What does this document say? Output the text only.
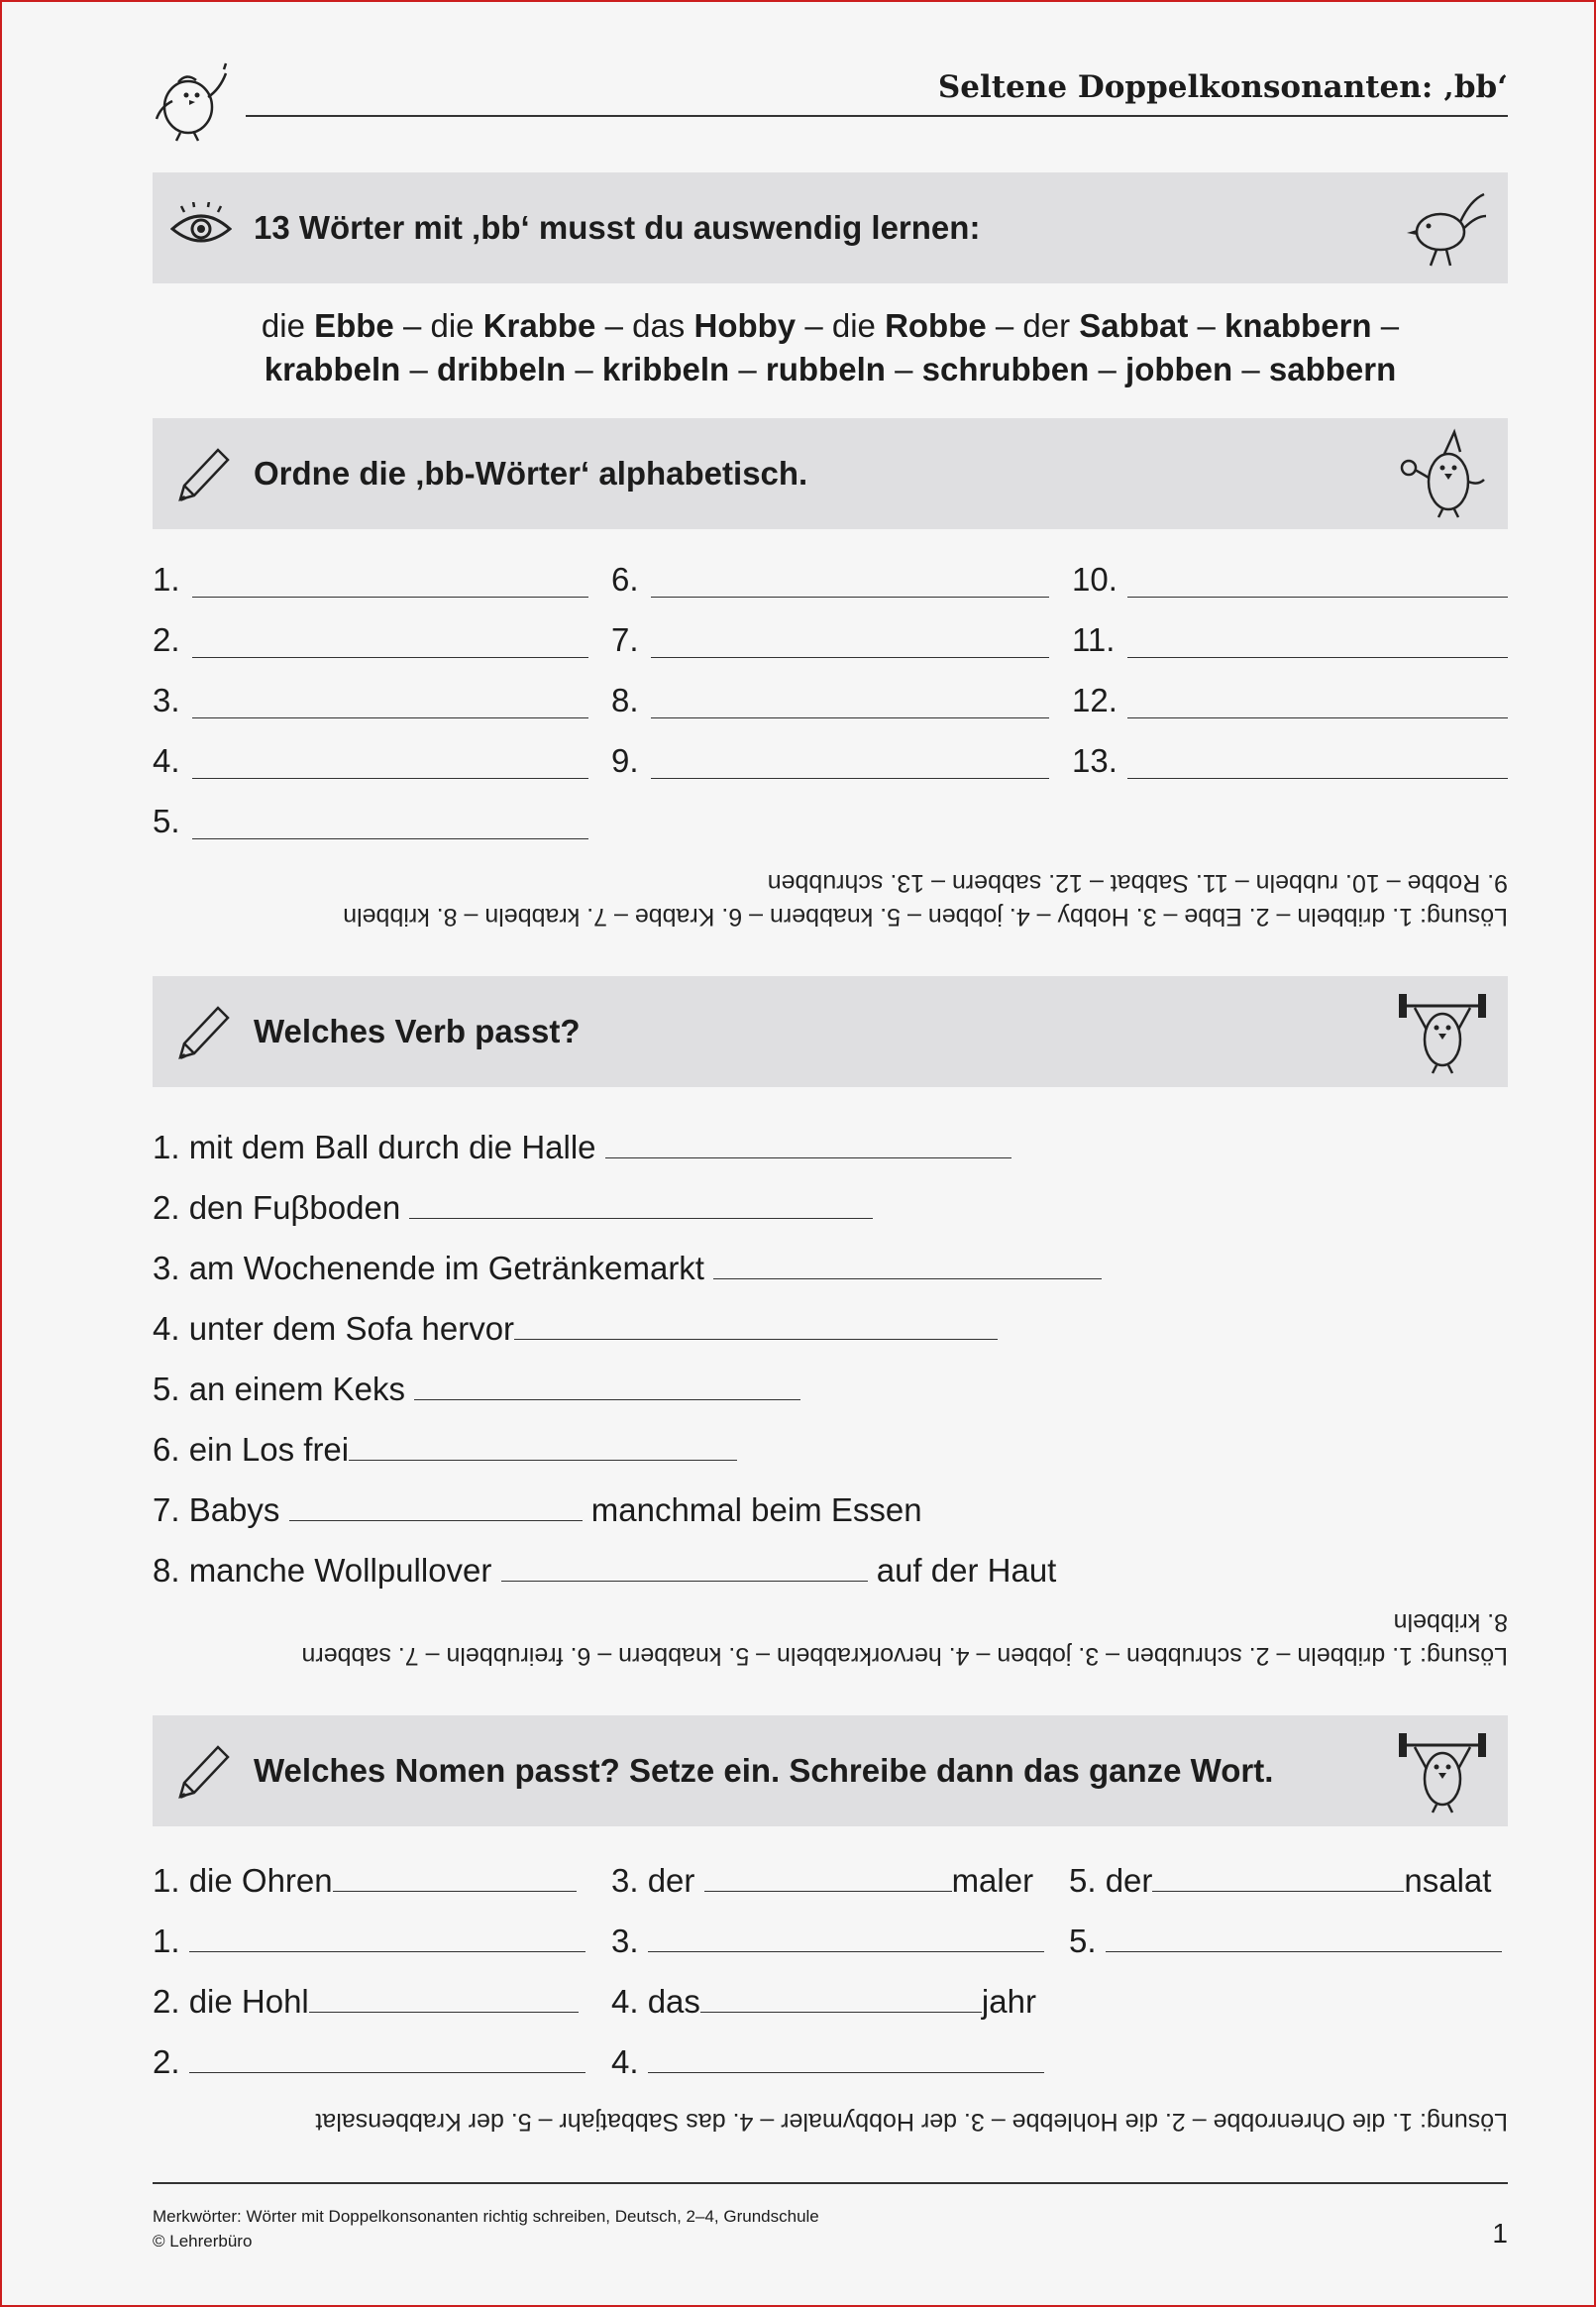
Seltene Doppelkonsonanten: ‚bb‘
13 Wörter mit ‚bb‘ musst du auswendig lernen:
die Ebbe – die Krabbe – das Hobby – die Robbe – der Sabbat – knabbern –
krabbeln – dribbeln – kribbeln – rubbeln – schrubben – jobben – sabbern
Ordne die ‚bb-Wörter‘ alphabetisch.
1.
2.
3.
4.
5.
6.
7.
8.
9.
10.
11.
12.
13.
Lösung: 1. dribbeln – 2. Ebbe – 3. Hobby – 4. jobben – 5. knabbern – 6. Krabbe – 7. krabbeln – 8. kribbeln
9. Robbe – 10. rubbeln – 11. Sabbat – 12. sabbern – 13. schrubben
Welches Verb passt?
1. mit dem Ball durch die Halle
2. den Fuβboden
3. am Wochenende im Getränkemarkt
4. unter dem Sofa hervor
5. an einem Keks
6. ein Los frei
7. Babys	manchmal beim Essen
8. manche Wollpullover	auf der Haut
Lösung: 1. dribbeln – 2. schrubben – 3. jobben – 4. hervorkrabbeln – 5. knabbern – 6. freirubbeln – 7. sabbern
8. kribbeln
Welches Nomen passt? Setze ein. Schreibe dann das ganze Wort.
1. die Ohren
1.
2. die Hohl
2.
3. der	maler
3.
4. das	jahr
4.
5. der	nsalat
5.
Lösung: 1. die Ohrenrobbe – 2. die Hohlebbe – 3. der Hobbymaler – 4. das Sabbatjahr – 5. der Krabbensalat
Merkwörter: Wörter mit Doppelkonsonanten richtig schreiben, Deutsch, 2–4, Grundschule
© Lehrerbüro	1
